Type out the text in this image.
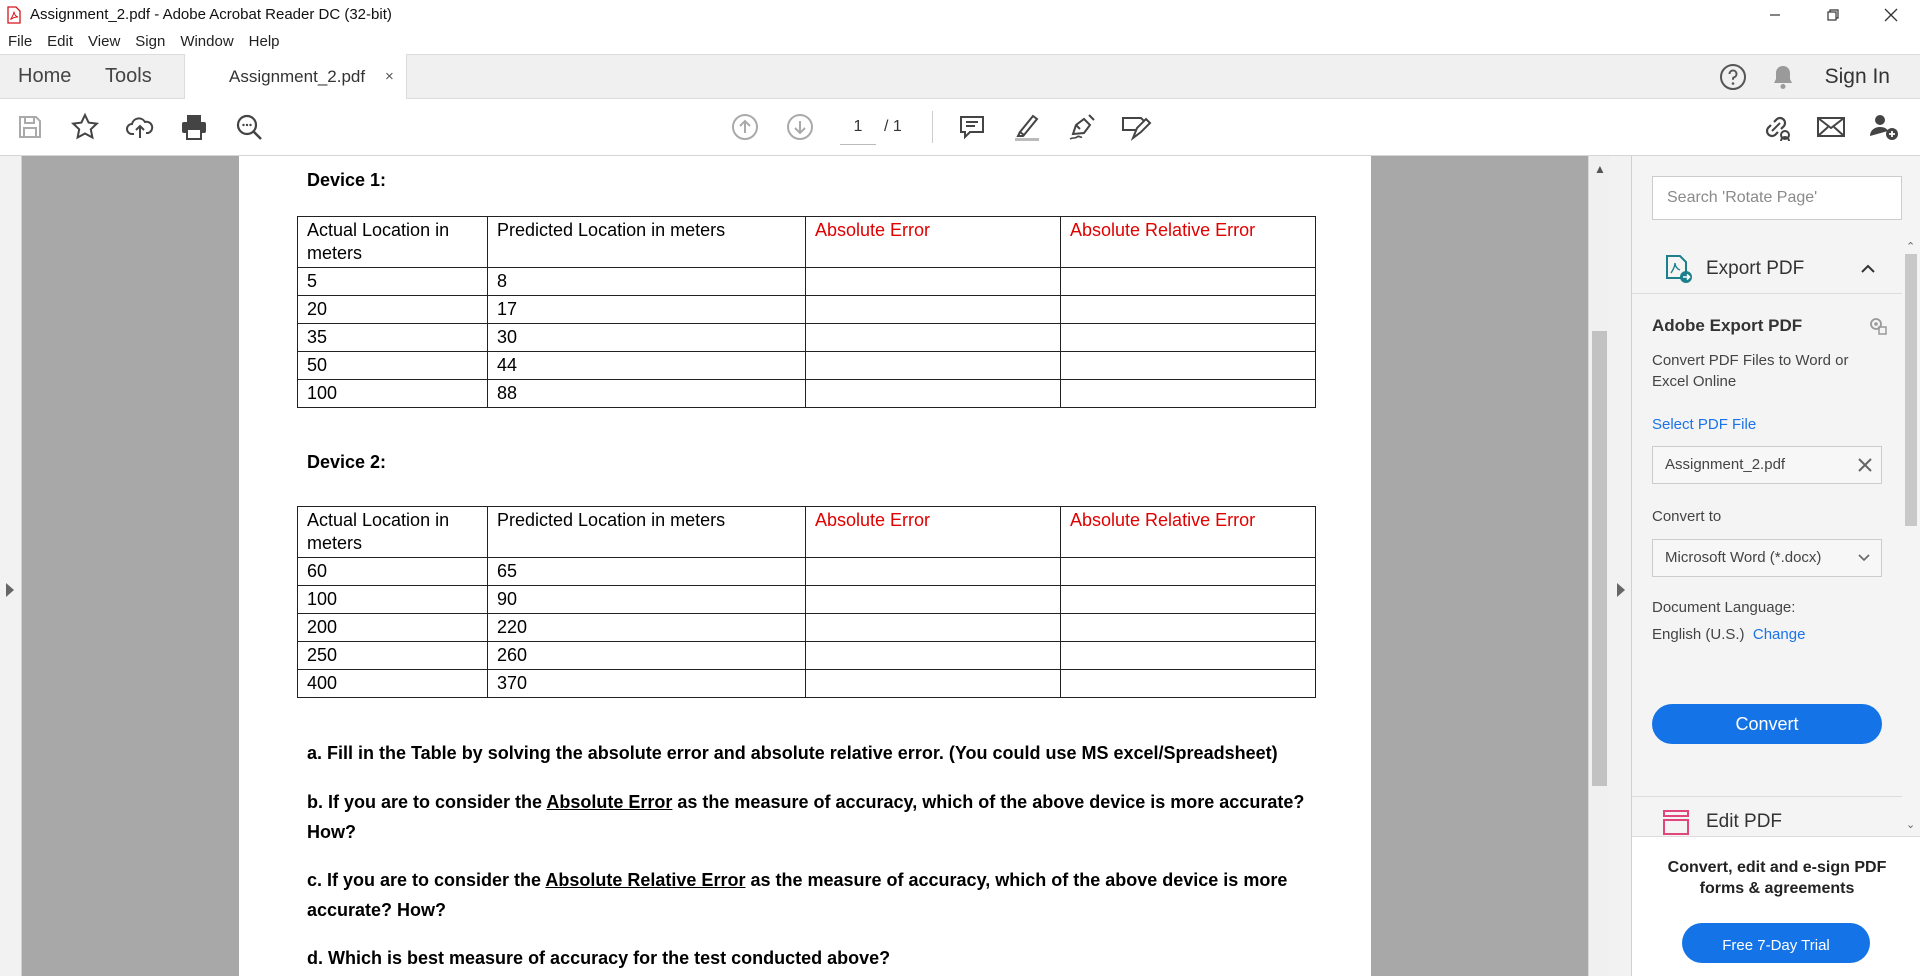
Assignment_2.pdf - Adobe Acrobat Reader DC (32-bit)
File Edit View Sign Window Help
Home Tools	Assignment_2.pdf ×	Sign In
1	/ 1
Device 1:
Actual Location in meters	Predicted Location in meters	Absolute Error	Absolute Relative Error
5	8		
20	17		
35	30		
50	44		
100	88		
Device 2:
Actual Location in meters	Predicted Location in meters	Absolute Error	Absolute Relative Error
60	65		
100	90		
200	220		
250	260		
400	370		
a. Fill in the Table by solving the absolute error and absolute relative error. (You could use MS excel/Spreadsheet)
b. If you are to consider the Absolute Error as the measure of accuracy, which of the above device is more accurate? How?
c. If you are to consider the Absolute Relative Error as the measure of accuracy, which of the above device is more accurate? How?
d. Which is best measure of accuracy for the test conducted above?
▲
Search 'Rotate Page'
Export PDF
Adobe Export PDF
Convert PDF Files to Word or Excel Online
Select PDF File
Assignment_2.pdf
Convert to
Microsoft Word (*.docx)
Document Language:
English (U.S.) Change
Convert
Edit PDF
⌃
⌄
Convert, edit and e-sign PDF forms & agreements
Free 7-Day Trial
